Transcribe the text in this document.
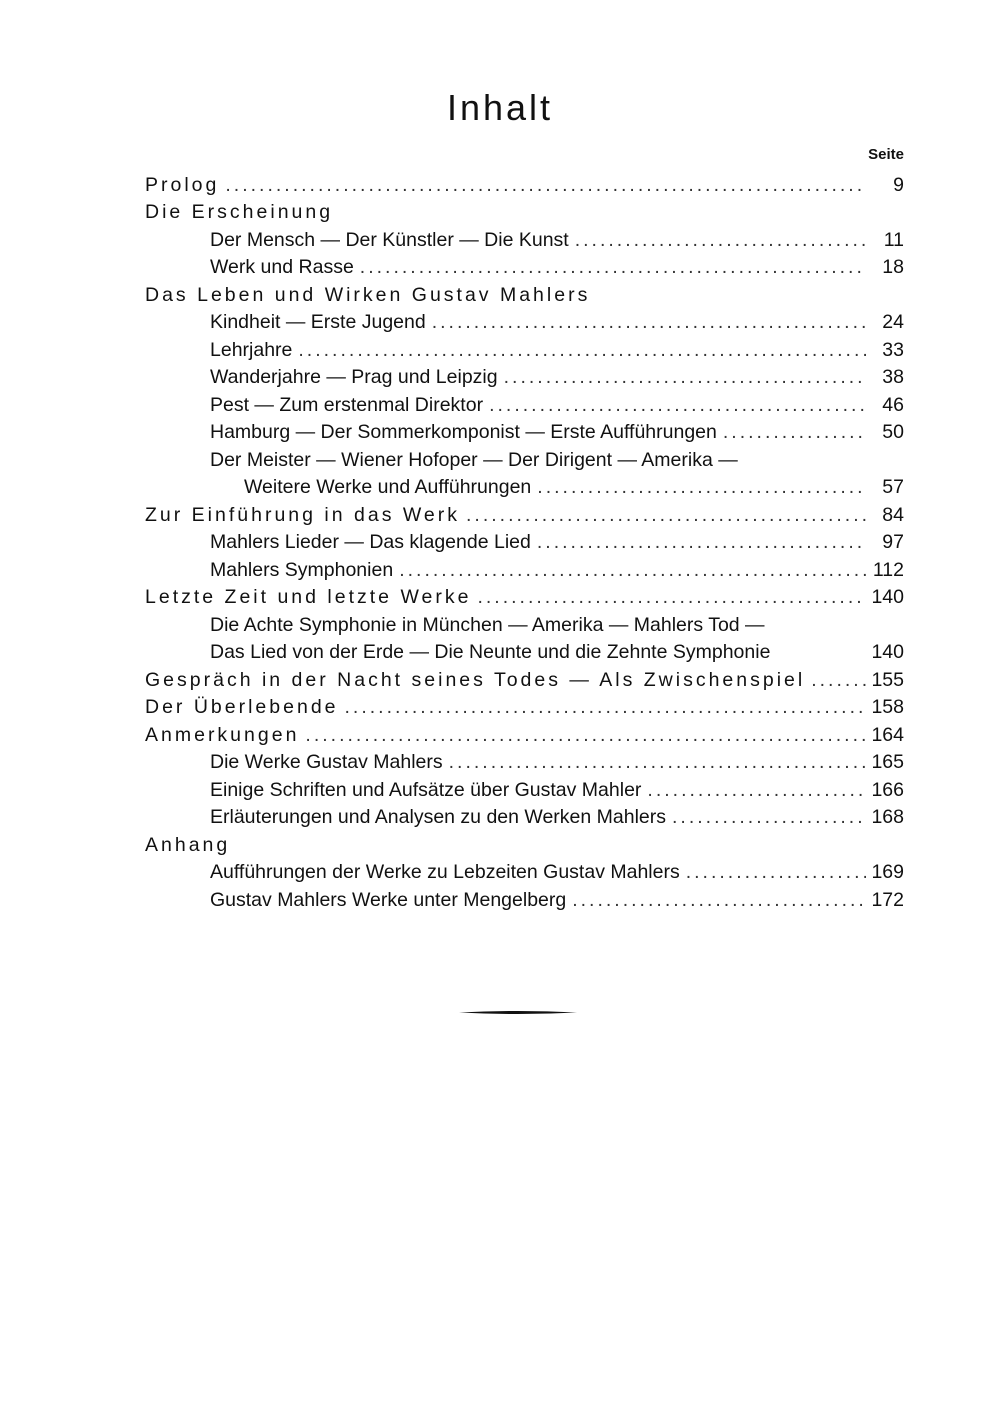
Inhalt
Seite
Prolog .....	9
Die Erscheinung
Der Mensch — Der Künstler — Die Kunst .....	11
Werk und Rasse .....	18
Das Leben und Wirken Gustav Mahlers
Kindheit — Erste Jugend .....	24
Lehrjahre .....	33
Wanderjahre — Prag und Leipzig .....	38
Pest — Zum erstenmal Direktor .....	46
Hamburg — Der Sommerkomponist — Erste Aufführungen .....	50
Der Meister — Wiener Hofoper — Der Dirigent — Amerika —
Weitere Werke und Aufführungen .....	57
Zur Einführung in das Werk .....	84
Mahlers Lieder — Das klagende Lied .....	97
Mahlers Symphonien .....	112
Letzte Zeit und letzte Werke .....	140
Die Achte Symphonie in München — Amerika — Mahlers Tod —
Das Lied von der Erde — Die Neunte und die Zehnte Symphonie	140
Gespräch in der Nacht seines Todes — Als Zwischenspiel .....	155
Der Überlebende .....	158
Anmerkungen .....	164
Die Werke Gustav Mahlers .....	165
Einige Schriften und Aufsätze über Gustav Mahler .....	166
Erläuterungen und Analysen zu den Werken Mahlers .....	168
Anhang
Aufführungen der Werke zu Lebzeiten Gustav Mahlers .....	169
Gustav Mahlers Werke unter Mengelberg .....	172
